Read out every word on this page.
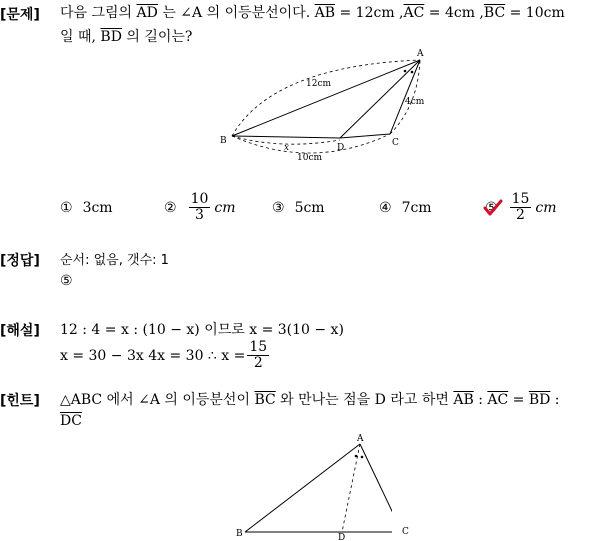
[문제] 다음 그림의 $\overline{AD}$ 는 ∠A 의 이등분선이다. $\overline{AB} = 12cm$ $,\overline{AC} = 4cm$ $,\overline{BC} = 10cm$
일 때, $\overline{BD}$ 의 길이는?
A
B	C
D
12cm
4cm
x
10cm
① 3cm	② $\frac{10}{3}$ cm	③ 5cm	④ 7cm	⑤ $\frac{15}{2}$ cm
[정답] 순서: 없음, 갯수: 1
⑤
[해설] 12 : 4 = x : (10 − x) 이므로 x = 3(10 − x)
x = 30 − 3x 4x = 30 ∴ $x = \frac{15}{2}$
[힌트] △ABC 에서 ∠A 의 이등분선이 $\overline{BC}$ 와 만나는 점을 D 라고 하면 $\overline{AB}$ : $\overline{AC} = \overline{BD}$ :
$\overline{DC}$
A
B	D
C
